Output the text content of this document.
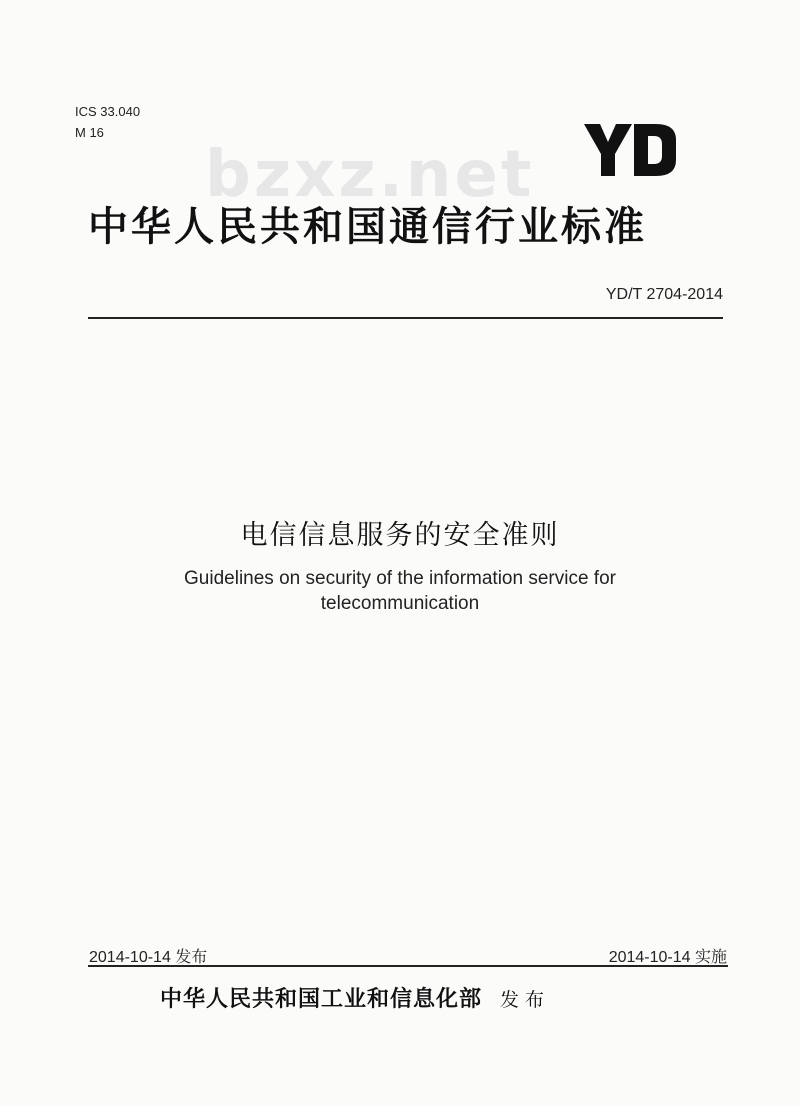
ICS 33.040
M 16
bzxz.net
中华人民共和国通信行业标准
YD/T 2704-2014
电信信息服务的安全准则
Guidelines on security of the information service for telecommunication
2014-10-14 发布	2014-10-14 实施
中华人民共和国工业和信息化部 发布
